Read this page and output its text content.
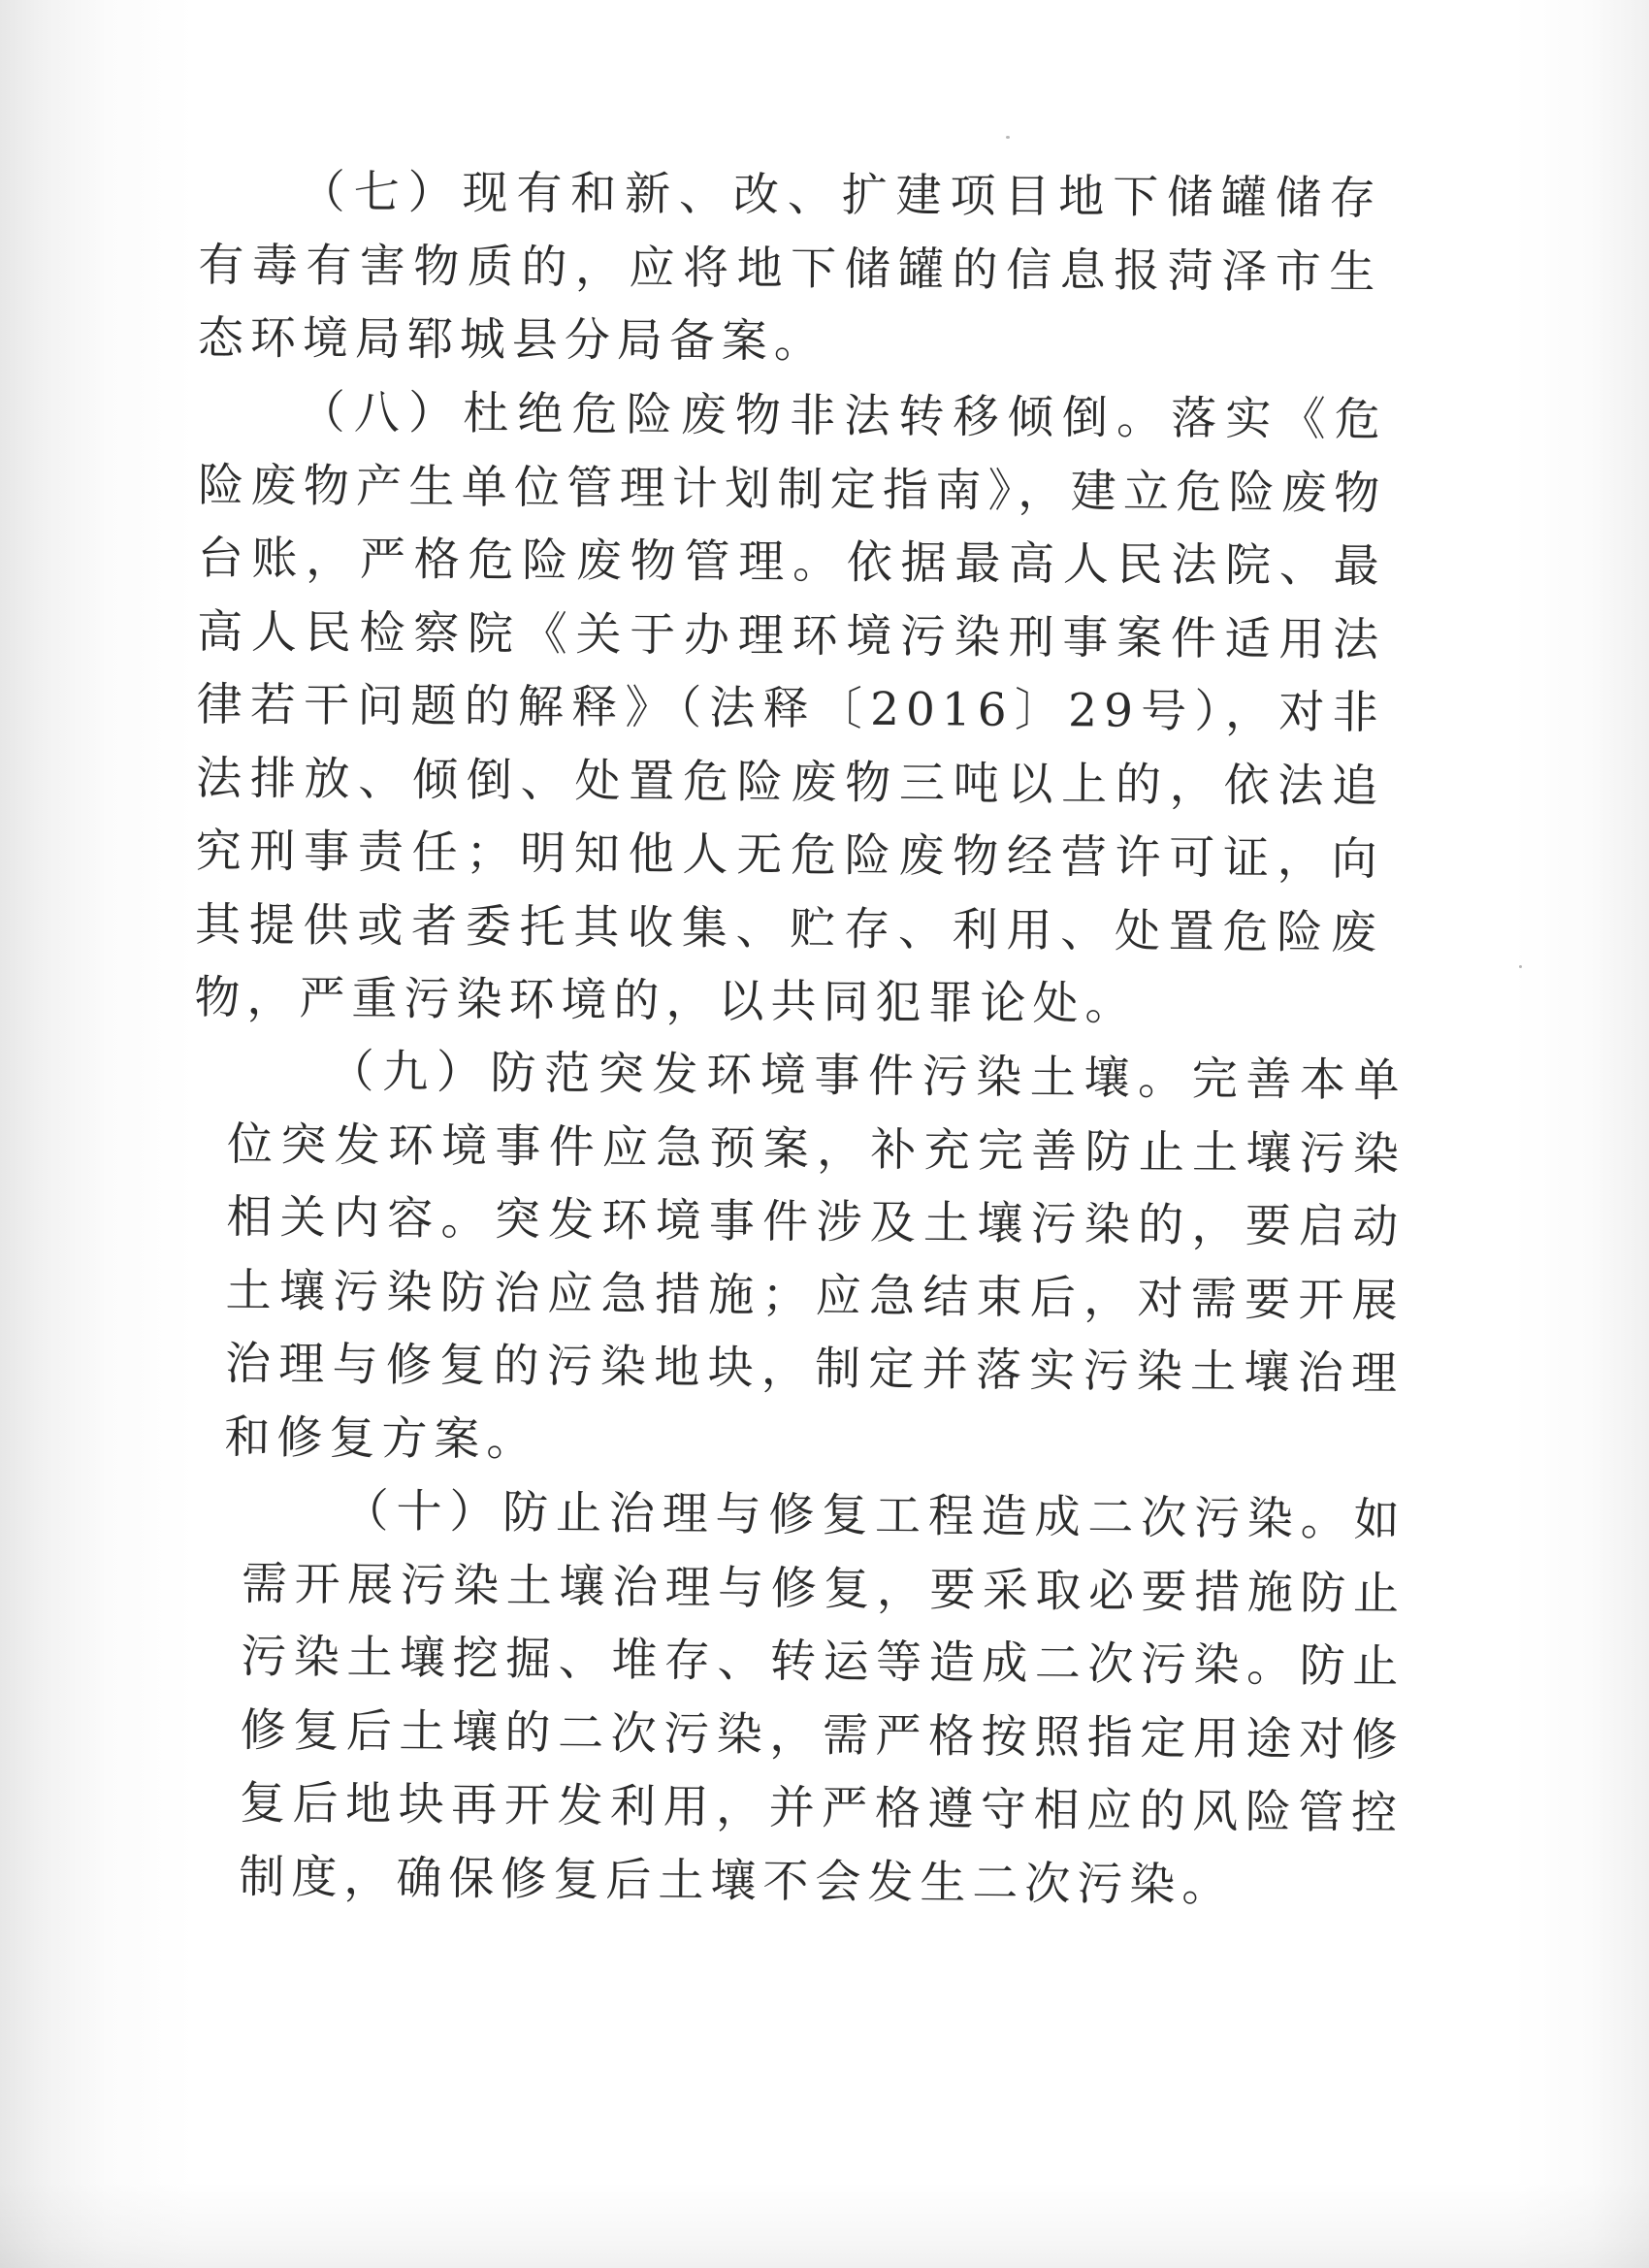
（七）现有和新、改、扩建项目地下储罐储存有毒有害物质的，应将地下储罐的信息报菏泽市生态环境局郓城县分局备案。

（八）杜绝危险废物非法转移倾倒。落实《危险废物产生单位管理计划制定指南》，建立危险废物台账，严格危险废物管理。依据最高人民法院、最高人民检察院《关于办理环境污染刑事案件适用法律若干问题的解释》（法释〔2016〕29号），对非法排放、倾倒、处置危险废物三吨以上的，依法追究刑事责任；明知他人无危险废物经营许可证，向其提供或者委托其收集、贮存、利用、处置危险废物，严重污染环境的，以共同犯罪论处。

（九）防范突发环境事件污染土壤。完善本单位突发环境事件应急预案，补充完善防止土壤污染相关内容。突发环境事件涉及土壤污染的，要启动土壤污染防治应急措施；应急结束后，对需要开展治理与修复的污染地块，制定并落实污染土壤治理和修复方案。

（十）防止治理与修复工程造成二次污染。如需开展污染土壤治理与修复，要采取必要措施防止污染土壤挖掘、堆存、转运等造成二次污染。防止修复后土壤的二次污染，需严格按照指定用途对修复后地块再开发利用，并严格遵守相应的风险管控制度，确保修复后土壤不会发生二次污染。
